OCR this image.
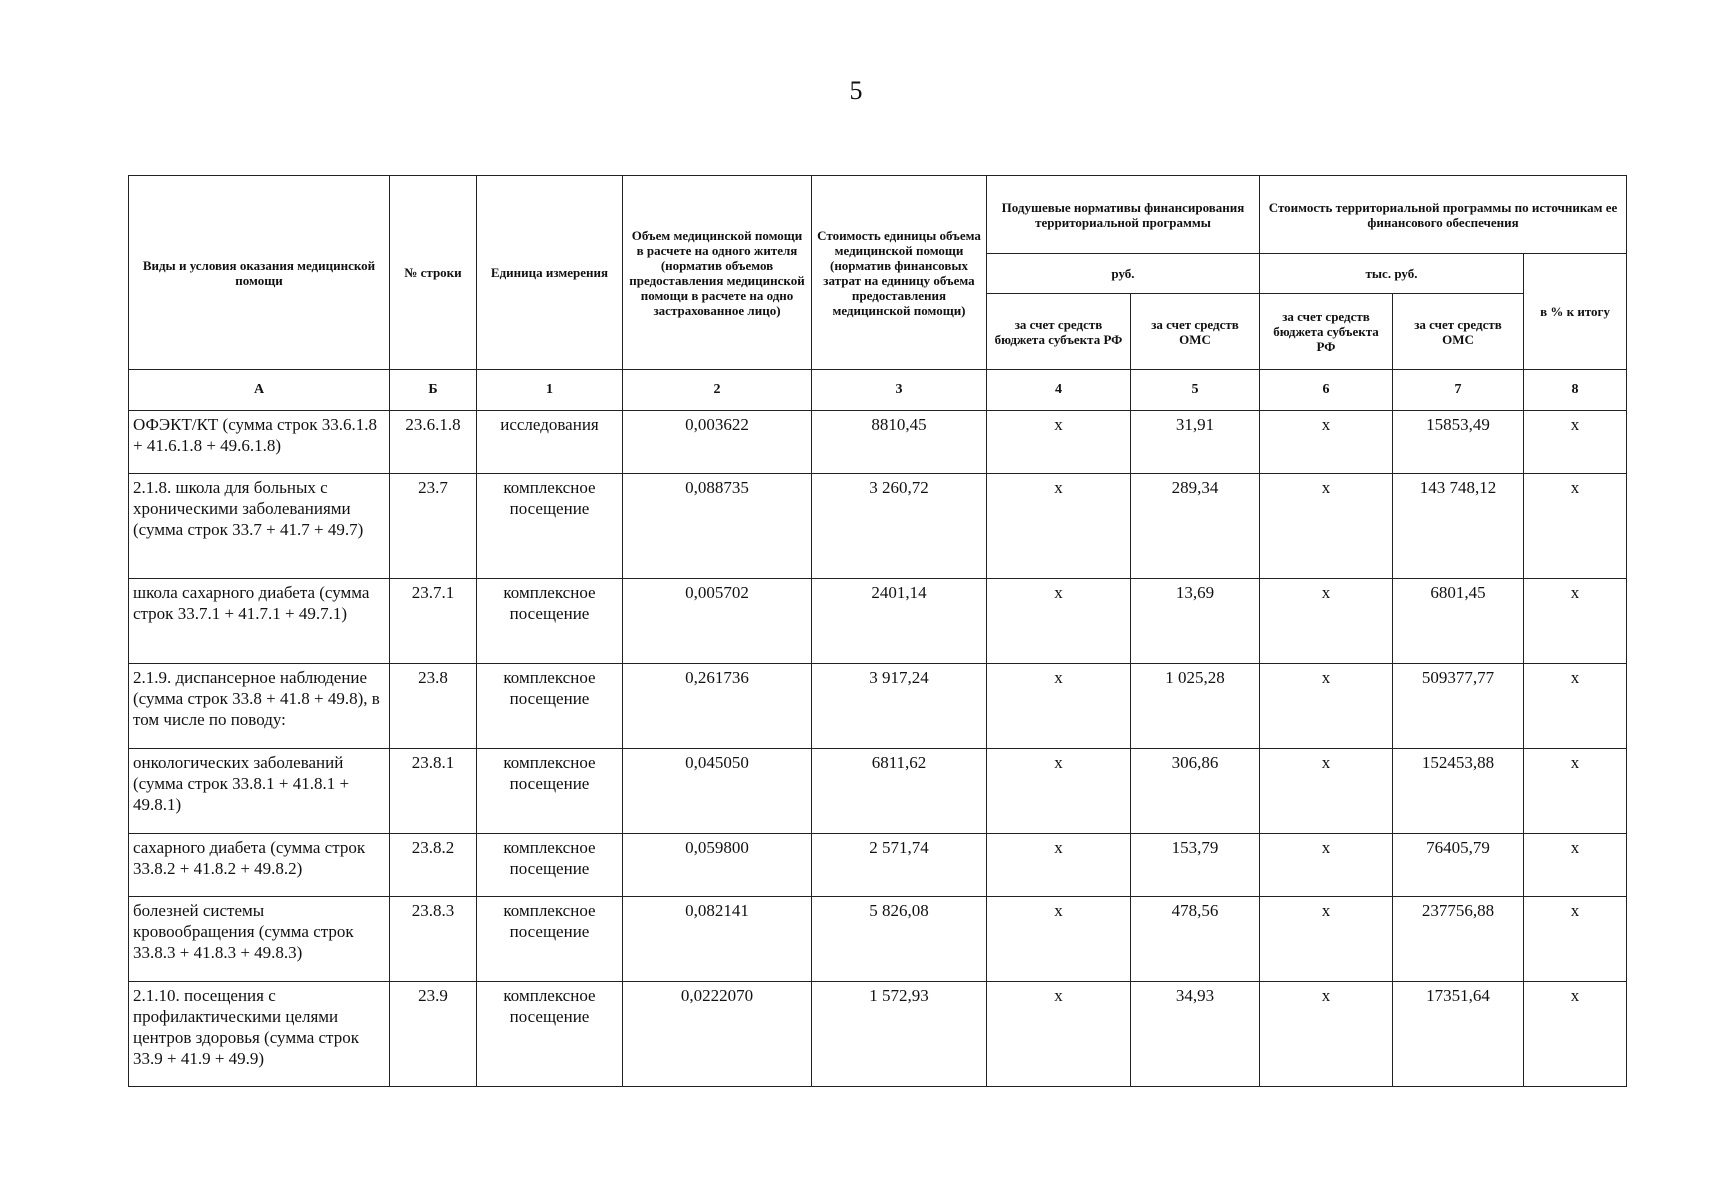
5
Виды и условия оказания медицинской помощи	№ строки	Единица измерения	Объем медицинской помощи в расчете на одного жителя (норматив объемов предоставления медицинской помощи в расчете на одно застрахованное лицо)	Стоимость единицы объема медицинской помощи (норматив финансовых затрат на единицу объема предоставления медицинской помощи)	Подушевые нормативы финансирования территориальной программы		Стоимость территориальной программы по источникам ее финансового обеспечения		
					руб.		тыс. руб.		в % к итогу
					за счет средств бюджета субъекта РФ	за счет средств ОМС	за счет средств бюджета субъекта РФ	за счет средств ОМС	
А	Б	1	2	3	4	5	6	7	8
ОФЭКТ/КТ (сумма строк 33.6.1.8 + 41.6.1.8 + 49.6.1.8)	23.6.1.8	исследования	0,003622	8810,45	x	31,91	x	15853,49	x
2.1.8. школа для больных с хроническими заболеваниями (сумма строк 33.7 + 41.7 + 49.7)	23.7	комплексное посещение	0,088735	3 260,72	x	289,34	x	143 748,12	x
школа сахарного диабета (сумма строк 33.7.1 + 41.7.1 + 49.7.1)	23.7.1	комплексное посещение	0,005702	2401,14	x	13,69	x	6801,45	x
2.1.9. диспансерное наблюдение (сумма строк 33.8 + 41.8 + 49.8), в том числе по поводу:	23.8	комплексное посещение	0,261736	3 917,24	x	1 025,28	x	509377,77	x
онкологических заболеваний (сумма строк 33.8.1 + 41.8.1 + 49.8.1)	23.8.1	комплексное посещение	0,045050	6811,62	x	306,86	x	152453,88	x
сахарного диабета (сумма строк 33.8.2 + 41.8.2 + 49.8.2)	23.8.2	комплексное посещение	0,059800	2 571,74	x	153,79	x	76405,79	x
болезней системы кровообращения (сумма строк 33.8.3 + 41.8.3 + 49.8.3)	23.8.3	комплексное посещение	0,082141	5 826,08	x	478,56	x	237756,88	x
2.1.10. посещения с профилактическими целями центров здоровья (сумма строк 33.9 + 41.9 + 49.9)	23.9	комплексное посещение	0,0222070	1 572,93	x	34,93	x	17351,64	x
